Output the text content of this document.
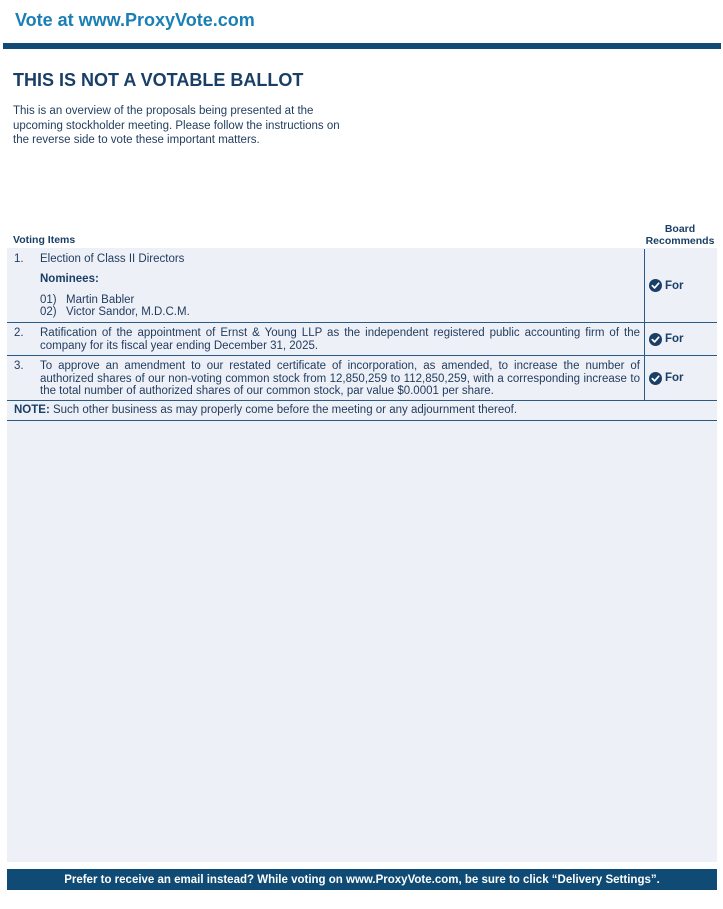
Vote at www.ProxyVote.com
THIS IS NOT A VOTABLE BALLOT
This is an overview of the proposals being presented at the upcoming stockholder meeting. Please follow the instructions on the reverse side to vote these important matters.
Voting Items
Board
Recommends
1. Election of Class II Directors
Nominees:
01) Martin Babler
02) Victor Sandor, M.D.C.M.
For
2. Ratification of the appointment of Ernst & Young LLP as the independent registered public accounting firm of the company for its fiscal year ending December 31, 2025.
For
3. To approve an amendment to our restated certificate of incorporation, as amended, to increase the number of authorized shares of our non-voting common stock from 12,850,259 to 112,850,259, with a corresponding increase to the total number of authorized shares of our common stock, par value $0.0001 per share.
For
NOTE: Such other business as may properly come before the meeting or any adjournment thereof.
Prefer to receive an email instead? While voting on www.ProxyVote.com, be sure to click “Delivery Settings”.
